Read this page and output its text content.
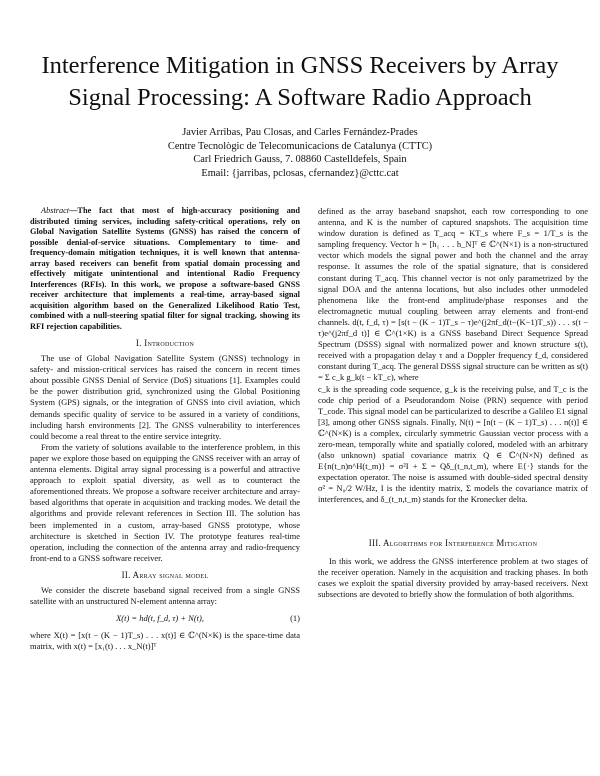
Interference Mitigation in GNSS Receivers by Array Signal Processing: A Software Radio Approach
Javier Arribas, Pau Closas, and Carles Fernández-Prades
Centre Tecnològic de Telecomunicacions de Catalunya (CTTC)
Carl Friedrich Gauss, 7. 08860 Castelldefels, Spain
Email: {jarribas, pclosas, cfernandez}@cttc.cat

Abstract—The fact that most of high-accuracy positioning and distributed timing services, including safety-critical operations, rely on Global Navigation Satellite Systems (GNSS) has raised the concern of possible denial-of-service situations. Complementary to time- and frequency-domain mitigation techniques, it is well known that antenna-array based receivers can benefit from spatial domain processing and effectively mitigate unintentional and intentional Radio Frequency Interferences (RFIs). In this work, we propose a software-based GNSS receiver architecture that implements a real-time, array-based signal acquisition algorithm based on the Generalized Likelihood Ratio Test, combined with a null-steering spatial filter for signal tracking, showing its RFI rejection capabilities.

I. Introduction

The use of Global Navigation Satellite System (GNSS) technology in safety- and mission-critical services has raised the concern in recent times about possible GNSS Denial of Service (DoS) situations [1]. Examples could be the power distribution grid, synchronized using the Global Positioning System (GPS) signals, or the integration of GNSS into civil aviation, which demands specific quality of service to be assured in a variety of conditions, including harsh environments [2]. The GNSS vulnerability to interferences could become a real threat to the entire service integrity.

From the variety of solutions available to the interference problem, in this paper we explore those based on equipping the GNSS receiver with an array of antenna elements. Digital array signal processing is a powerful and attractive approach to exploit spatial diversity, as well as to counteract the aforementioned threats. We propose a software receiver architecture and array-based algorithms that operate in acquisition and tracking modes. We detail the algorithms and provide relevant references in Section III. The solution has been implemented in a custom, array-based GNSS prototype, whose architecture is sketched in Section IV. The prototype features real-time operation, including the connection of the antenna array and radio-frequency front-end to a GNSS software receiver.

II. Array signal model

We consider the discrete baseband signal received from a single GNSS satellite with an unstructured N-element antenna array:

X(t) = hd(t, f_d, τ) + N(t),	(1)

where X(t) = [x(t − (K − 1)T_s) . . . x(t)] ∈ ℂ^(N×K) is the space-time data matrix, with x(t) = [x₁(t) . . . x_N(t)]ᵀ

defined as the array baseband snapshot, each row corresponding to one antenna, and K is the number of captured snapshots. The acquisition time window duration is defined as T_acq = KT_s where F_s = 1/T_s is the sampling frequency. Vector h = [h₁ . . . h_N]ᵀ ∈ ℂ^(N×1) is a non-structured vector which models the signal power and both the channel and the array response. It assumes the role of the spatial signature, that is considered constant during T_acq. This channel vector is not only parametrized by the signal DOA and the antenna locations, but also includes other unmodeled phenomena like the front-end amplitude/phase responses and the electromagnetic mutual coupling between array elements and front-end channels. d(t, f_d, τ) = [s(t − (K − 1)T_s − τ)e^(j2πf_d(t−(K−1)T_s)) . . . s(t − τ)e^(j2πf_d t)] ∈ ℂ^(1×K) is a GNSS baseband Direct Sequence Spread Spectrum (DSSS) signal with normalized power and known structure s(t), received with a propagation delay τ and a Doppler frequency f_d, considered constant during T_acq. The general DSSS signal structure can be written as s(t) = Σ c_k g_k(t − kT_c), where

c_k is the spreading code sequence, g_k is the receiving pulse, and T_c is the code chip period of a Pseudorandom Noise (PRN) sequence with period T_code. This signal model can be particularized to describe a Galileo E1 signal [3], among other GNSS signals. Finally, N(t) = [n(t − (K − 1)T_s) . . . n(t)] ∈ ℂ^(N×K) is a complex, circularly symmetric Gaussian vector process with a zero-mean, temporally white and spatially colored, modeled with an arbitrary (also unknown) spatial covariance matrix Q ∈ ℂ^(N×N) defined as E{n(t_n)n^H(t_m)} = σ²I + Σ = Qδ_(t_n,t_m), where E{·} stands for the expectation operator. The noise is assumed with double-sided spectral density σ² = N₀/2 W/Hz, I is the identity matrix, Σ models the covariance matrix of interferences, and δ_(t_n,t_m) stands for the Kronecker delta.

III. Algorithms for Interference Mitigation

In this work, we address the GNSS interference problem at two stages of the receiver operation. Namely in the acquisition and tracking phases. In both cases we exploit the spatial diversity provided by array-based receivers. Next subsections are devoted to briefly show the formulation of both algorithms.
